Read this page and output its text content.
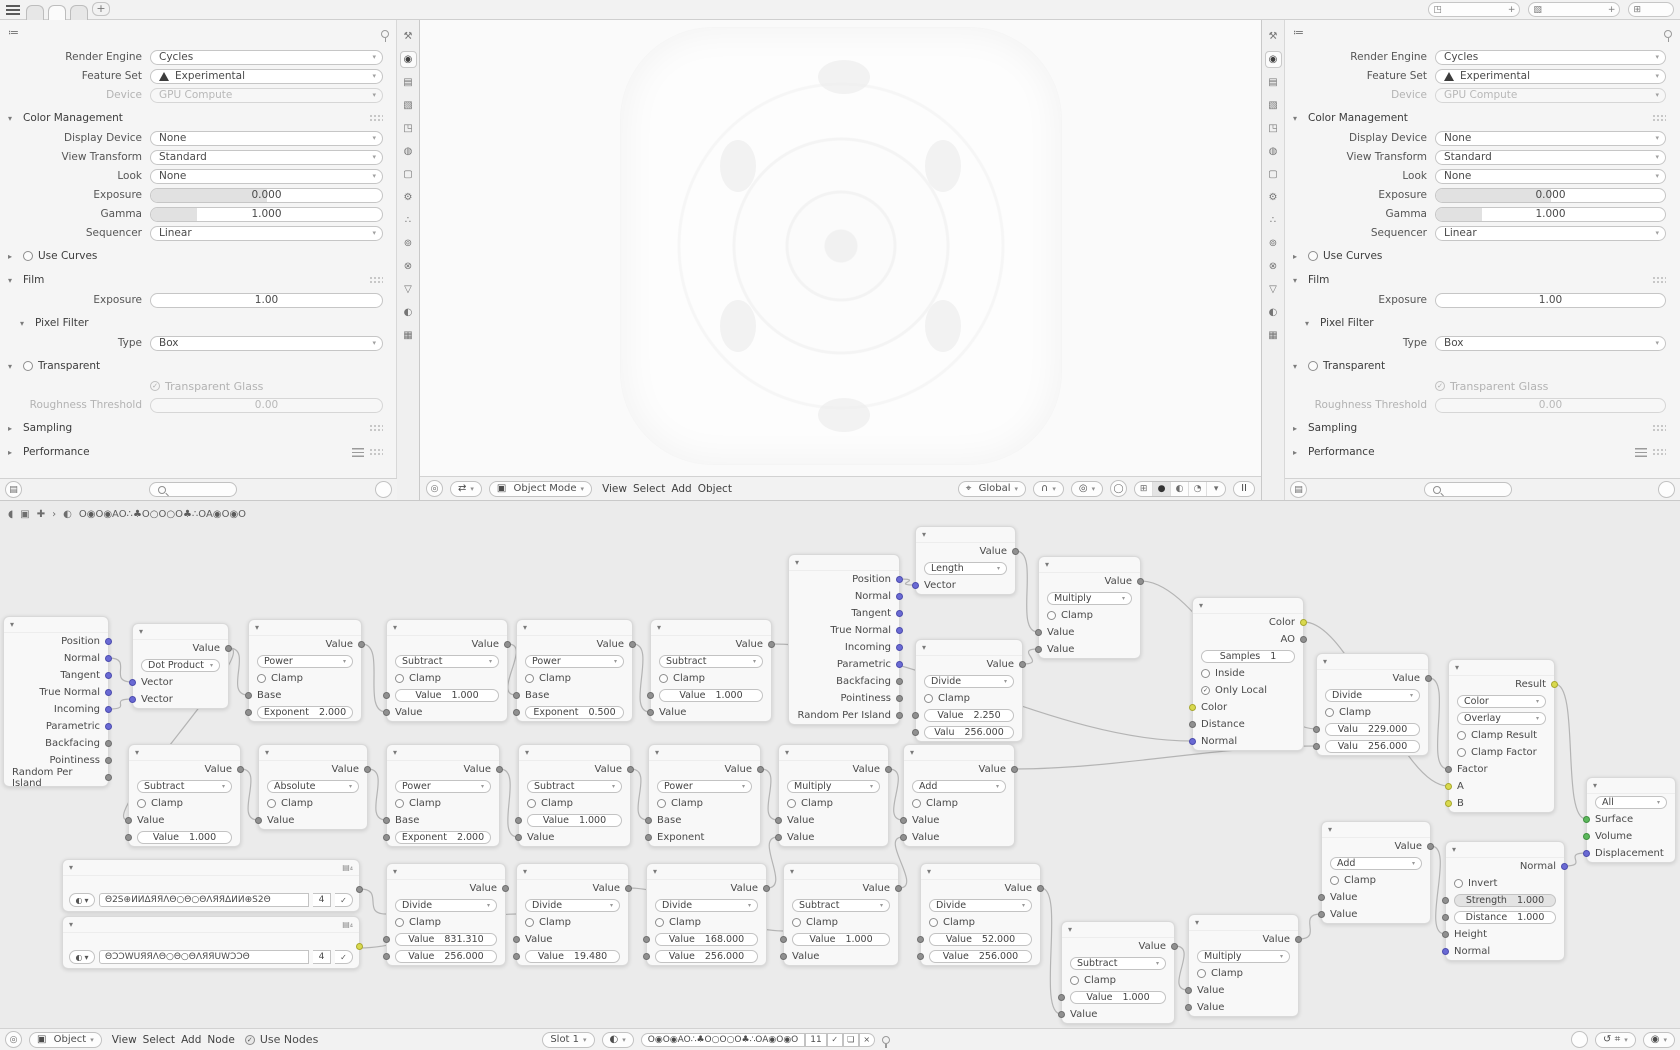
+	◳	+ ▧	+ ⊞
≔
Render Engine	Cycles	▾
Feature Set	Experimental	▾
Device	GPU Compute	▾
▾	Color Management
Display Device	None	▾
View Transform	Standard	▾
Look	None	▾
Exposure	0.000
Gamma	1.000
Sequencer	Linear	▾
▸	Use Curves
▾	Film
Exposure	1.00
▾	Pixel Filter
Type	Box	▾
▾	Transparent
✓ Transparent Glass
Roughness Threshold	0.00
▸	Sampling
▸	Performance
⚒
◉
▤
▧
◳
◍
▢
⚙
∴
⊚
⊗
▽
◐
▦
▤	◎	⇄ ▾	▣ Object Mode ▾ View Select Add Object	⌖ Global ▾	∩ ▾	◎ ▾	◯	⊞	●	◐	◔	▾	II
⚒
◉
▤
▧
◳
◍
▢
⚙
∴
⊚
⊗
▽
◐
▦
≔
Render Engine	Cycles	▾
Feature Set	Experimental	▾
Device	GPU Compute	▾
▾	Color Management
Display Device	None	▾
View Transform	Standard	▾
Look	None	▾
Exposure	0.000
Gamma	1.000
Sequencer	Linear	▾
▸	Use Curves
▾	Film
Exposure	1.00
▾	Pixel Filter
Type	Box	▾
▾	Transparent
✓ Transparent Glass
Roughness Threshold	0.00
▸	Sampling
▸	Performance
▤
◖ ▣ ✚ › ◐ O◉O◉AO∴♣O○O○O♣∴OA◉O◉O
▾
Position
Normal
Tangent
True Normal
Incoming
Parametric
Backfacing
Pointiness
Random Per Island
▾
Value
Dot Product ▾
Vector
Vector
▾
Value
Power	▾
Clamp
Base
Exponent 2.000
▾
Value
Subtract	▾
Clamp
Value 1.000
Value
▾
Value
Power	▾
Clamp
Base
Exponent 0.500
▾
Value
Subtract	▾
Clamp
Value 1.000
Value
▾
Position
Normal
Tangent
True Normal
Incoming
Parametric
Backfacing
Pointiness
Random Per Island
▾
Value
Length	▾
Vector
▾
Value
Divide	▾
Clamp
Value 2.250
Valu 256.000
▾
Value
Multiply	▾
Clamp
Value
Value
▾
Color
AO
Samples 1
Inside
✓ Only Local
Color
Distance
Normal
▾
Value
Divide	▾
Clamp
Valu 229.000
Valu 256.000
▾
Result
Color	▾
Overlay	▾
Clamp Result
Clamp Factor
Factor
A
B
▾
All	▾
Surface
Volume
Displacement
▾
Value
Subtract	▾
Clamp
Value
Value 1.000
▾
Value
Absolute	▾
Clamp
Value
▾
Value
Power	▾
Clamp
Base
Exponent 2.000
▾
Value
Subtract	▾
Clamp
Value 1.000
Value
▾
Value
Power	▾
Clamp
Base
Exponent
▾
Value
Multiply	▾
Clamp
Value
Value
▾
Value
Add	▾
Clamp
Value
Value
▾	▤₄
◐ ▾	Θ2Ѕ⊕ИИΔЯЯΛΘ○Θ○ΘΛЯЯΔИИ⊕Ѕ2Θ	4	✓
▾	▤₄
◐ ▾	ΘƆƆWUЯЯΛΘ○Θ○ΘΛЯЯUWƆƆΘ	4	✓
▾
Value
Divide	▾
Clamp
Value 831.310
Value 256.000
▾
Value
Divide	▾
Clamp
Value
Value 19.480
▾
Value
Divide	▾
Clamp
Value 168.000
Value 256.000
▾
Value
Subtract	▾
Clamp
Value 1.000
Value
▾
Value
Divide	▾
Clamp
Value 52.000
Value 256.000
▾
Value
Subtract	▾
Clamp
Value 1.000
Value
▾
Value
Multiply	▾
Clamp
Value
Value
▾
Value
Add	▾
Clamp
Value
Value
▾
Normal
Invert
Strength 1.000
Distance 1.000
Height
Normal
◎	▣ Object ▾ View Select Add Node	✓ Use Nodes	Slot 1 ▾	◐ ▾	O◉O◉AO∴♣O○O○O♣∴OA◉O◉O	11	✓	❏	×	↺ ⌗ ▾	◉ ▾
